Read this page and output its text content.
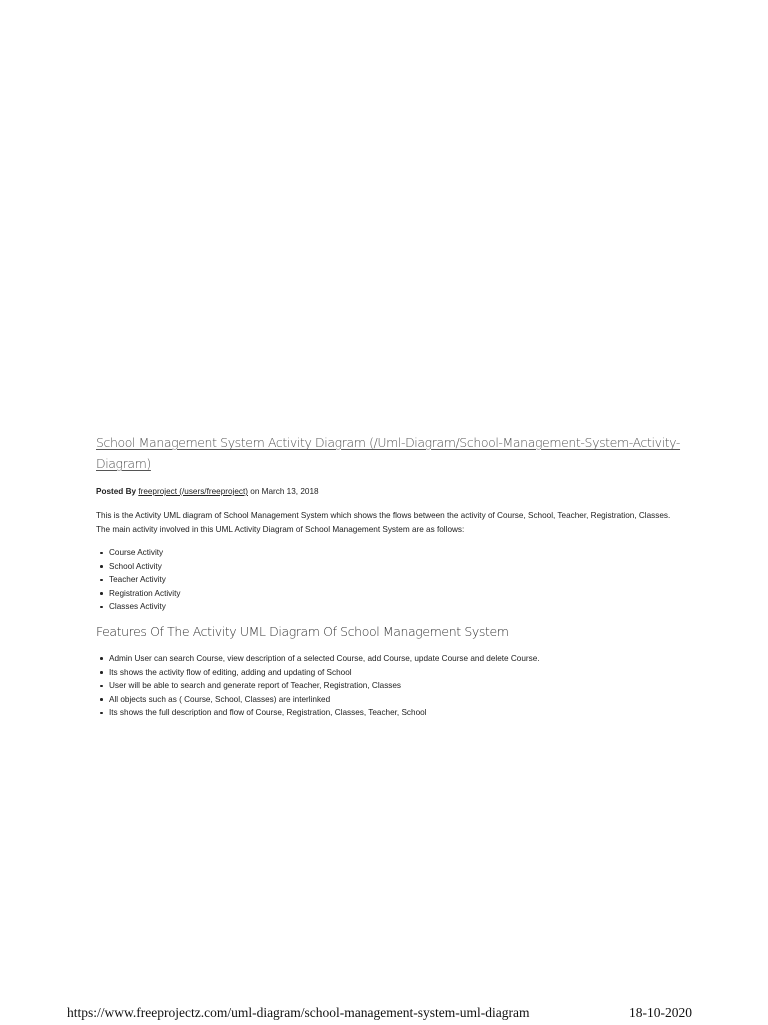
School Management System Activity Diagram (/Uml-Diagram/School-Management-System-Activity-Diagram)

Posted By freeproject (/users/freeproject) on March 13, 2018

This is the Activity UML diagram of School Management System which shows the flows between the activity of Course, School, Teacher, Registration, Classes. The main activity involved in this UML Activity Diagram of School Management System are as follows:

Course Activity
School Activity
Teacher Activity
Registration Activity
Classes Activity
Features Of The Activity UML Diagram Of School Management System
Admin User can search Course, view description of a selected Course, add Course, update Course and delete Course.
Its shows the activity flow of editing, adding and updating of School
User will be able to search and generate report of Teacher, Registration, Classes
All objects such as ( Course, School, Classes) are interlinked
Its shows the full description and flow of Course, Registration, Classes, Teacher, School
https://www.freeprojectz.com/uml-diagram/school-management-system-uml-diagram	18-10-2020
